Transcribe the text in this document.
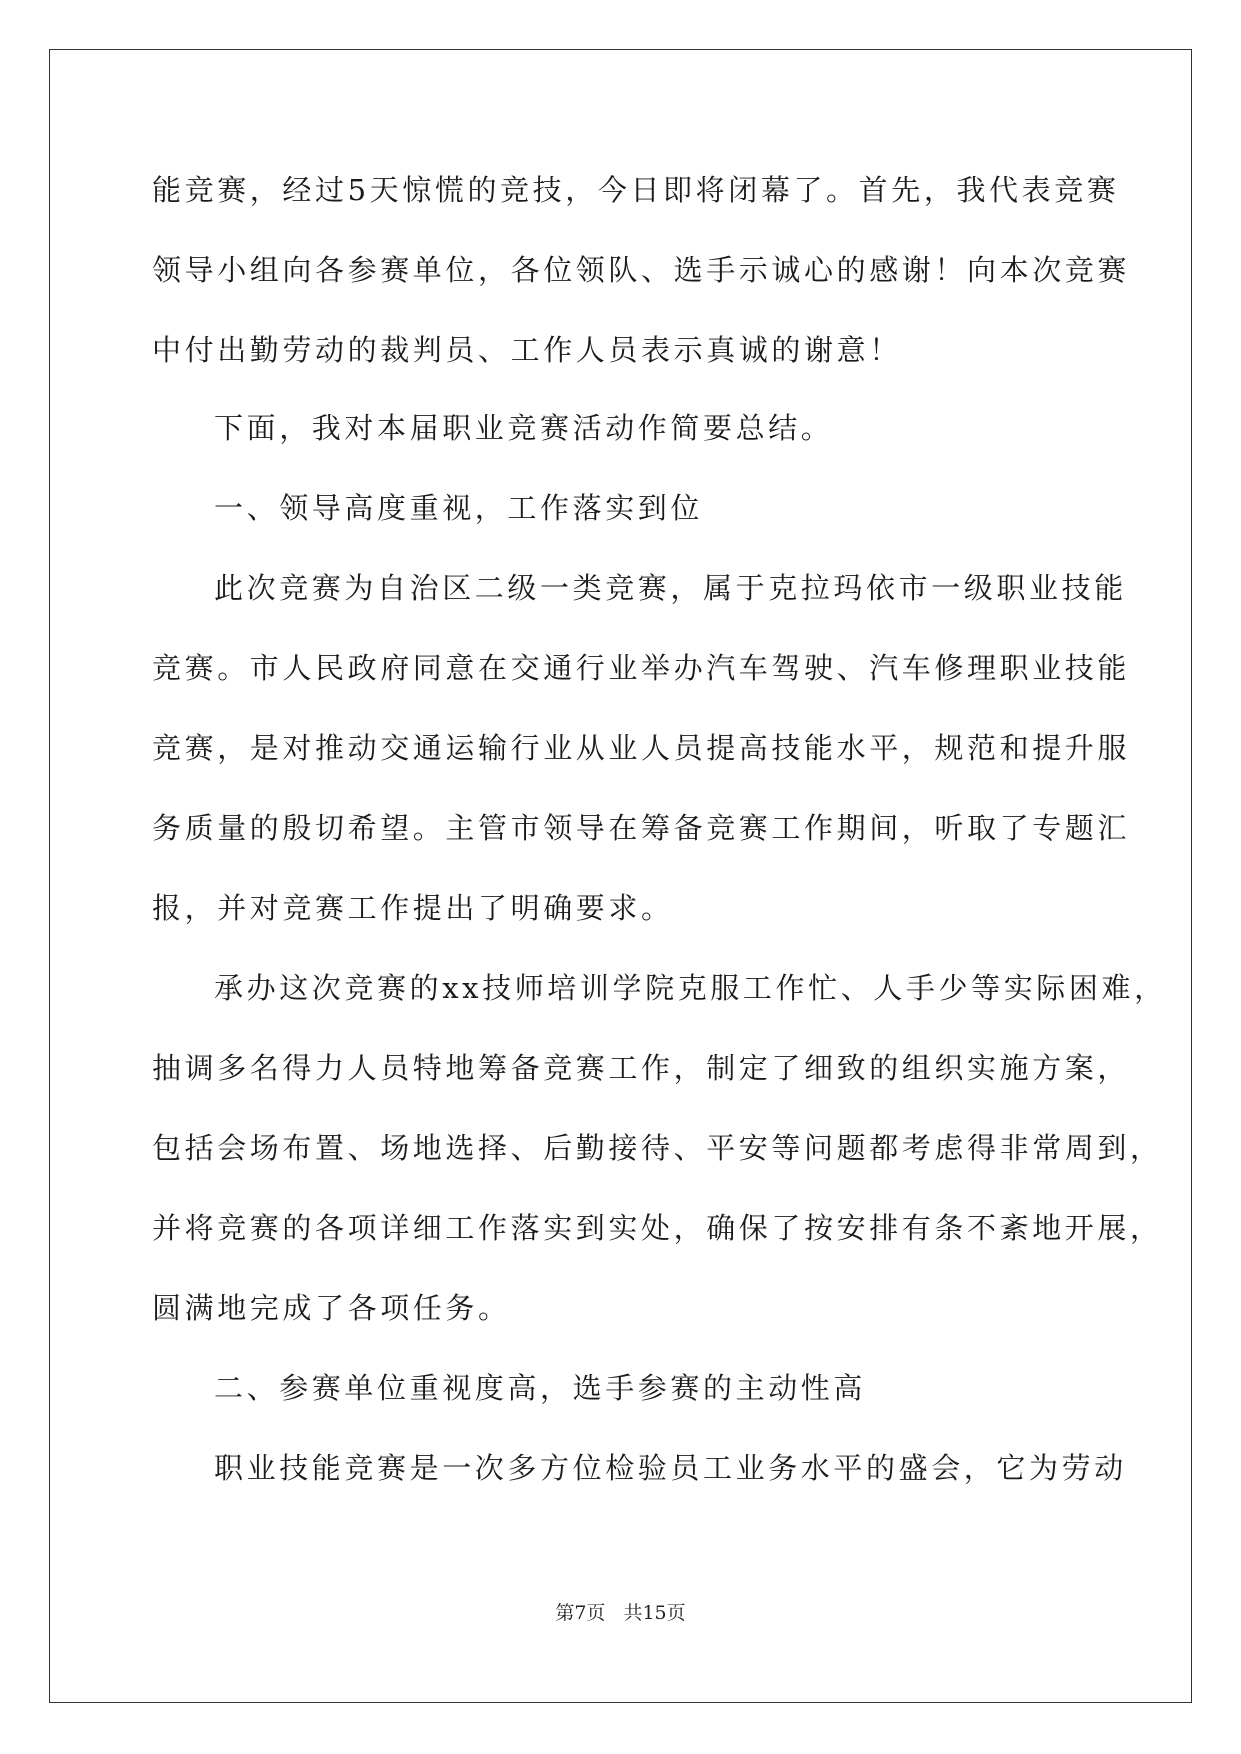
能竞赛，经过5天惊慌的竞技，今日即将闭幕了。首先，我代表竞赛
领导小组向各参赛单位，各位领队、选手示诚心的感谢！向本次竞赛
中付出勤劳动的裁判员、工作人员表示真诚的谢意！
下面，我对本届职业竞赛活动作简要总结。
一、领导高度重视，工作落实到位
此次竞赛为自治区二级一类竞赛，属于克拉玛依市一级职业技能
竞赛。市人民政府同意在交通行业举办汽车驾驶、汽车修理职业技能
竞赛，是对推动交通运输行业从业人员提高技能水平，规范和提升服
务质量的殷切希望。主管市领导在筹备竞赛工作期间，听取了专题汇
报，并对竞赛工作提出了明确要求。
承办这次竞赛的xx技师培训学院克服工作忙、人手少等实际困难，
抽调多名得力人员特地筹备竞赛工作，制定了细致的组织实施方案，
包括会场布置、场地选择、后勤接待、平安等问题都考虑得非常周到，
并将竞赛的各项详细工作落实到实处，确保了按安排有条不紊地开展，
圆满地完成了各项任务。
二、参赛单位重视度高，选手参赛的主动性高
职业技能竞赛是一次多方位检验员工业务水平的盛会，它为劳动
第7页 共15页
